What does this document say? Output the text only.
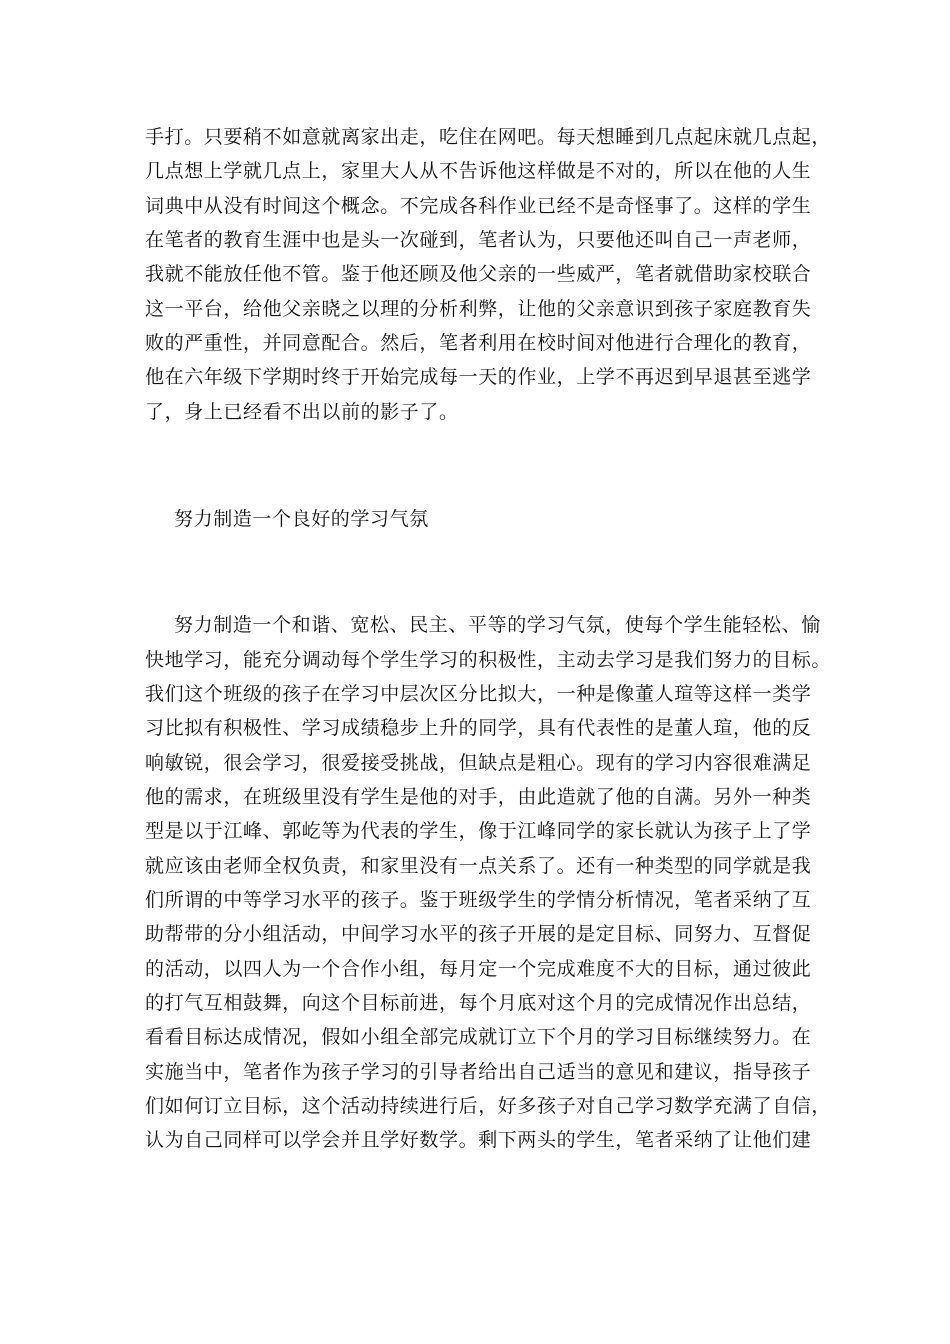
手打。只要稍不如意就离家出走，吃住在网吧。每天想睡到几点起床就几点起，
几点想上学就几点上，家里大人从不告诉他这样做是不对的，所以在他的人生
词典中从没有时间这个概念。不完成各科作业已经不是奇怪事了。这样的学生
在笔者的教育生涯中也是头一次碰到，笔者认为，只要他还叫自己一声老师，
我就不能放任他不管。鉴于他还顾及他父亲的一些威严，笔者就借助家校联合
这一平台，给他父亲晓之以理的分析利弊，让他的父亲意识到孩子家庭教育失
败的严重性，并同意配合。然后，笔者利用在校时间对他进行合理化的教育，
他在六年级下学期时终于开始完成每一天的作业，上学不再迟到早退甚至逃学
了，身上已经看不出以前的影子了。
努力制造一个良好的学习气氛
努力制造一个和谐、宽松、民主、平等的学习气氛，使每个学生能轻松、愉
快地学习，能充分调动每个学生学习的积极性，主动去学习是我们努力的目标。
我们这个班级的孩子在学习中层次区分比拟大，一种是像董人瑄等这样一类学
习比拟有积极性、学习成绩稳步上升的同学，具有代表性的是董人瑄，他的反
响敏锐，很会学习，很爱接受挑战，但缺点是粗心。现有的学习内容很难满足
他的需求，在班级里没有学生是他的对手，由此造就了他的自满。另外一种类
型是以于江峰、郭屹等为代表的学生，像于江峰同学的家长就认为孩子上了学
就应该由老师全权负责，和家里没有一点关系了。还有一种类型的同学就是我
们所谓的中等学习水平的孩子。鉴于班级学生的学情分析情况，笔者采纳了互
助帮带的分小组活动，中间学习水平的孩子开展的是定目标、同努力、互督促
的活动，以四人为一个合作小组，每月定一个完成难度不大的目标，通过彼此
的打气互相鼓舞，向这个目标前进，每个月底对这个月的完成情况作出总结，
看看目标达成情况，假如小组全部完成就订立下个月的学习目标继续努力。在
实施当中，笔者作为孩子学习的引导者给出自己适当的意见和建议，指导孩子
们如何订立目标，这个活动持续进行后，好多孩子对自己学习数学充满了自信，
认为自己同样可以学会并且学好数学。剩下两头的学生，笔者采纳了让他们建
